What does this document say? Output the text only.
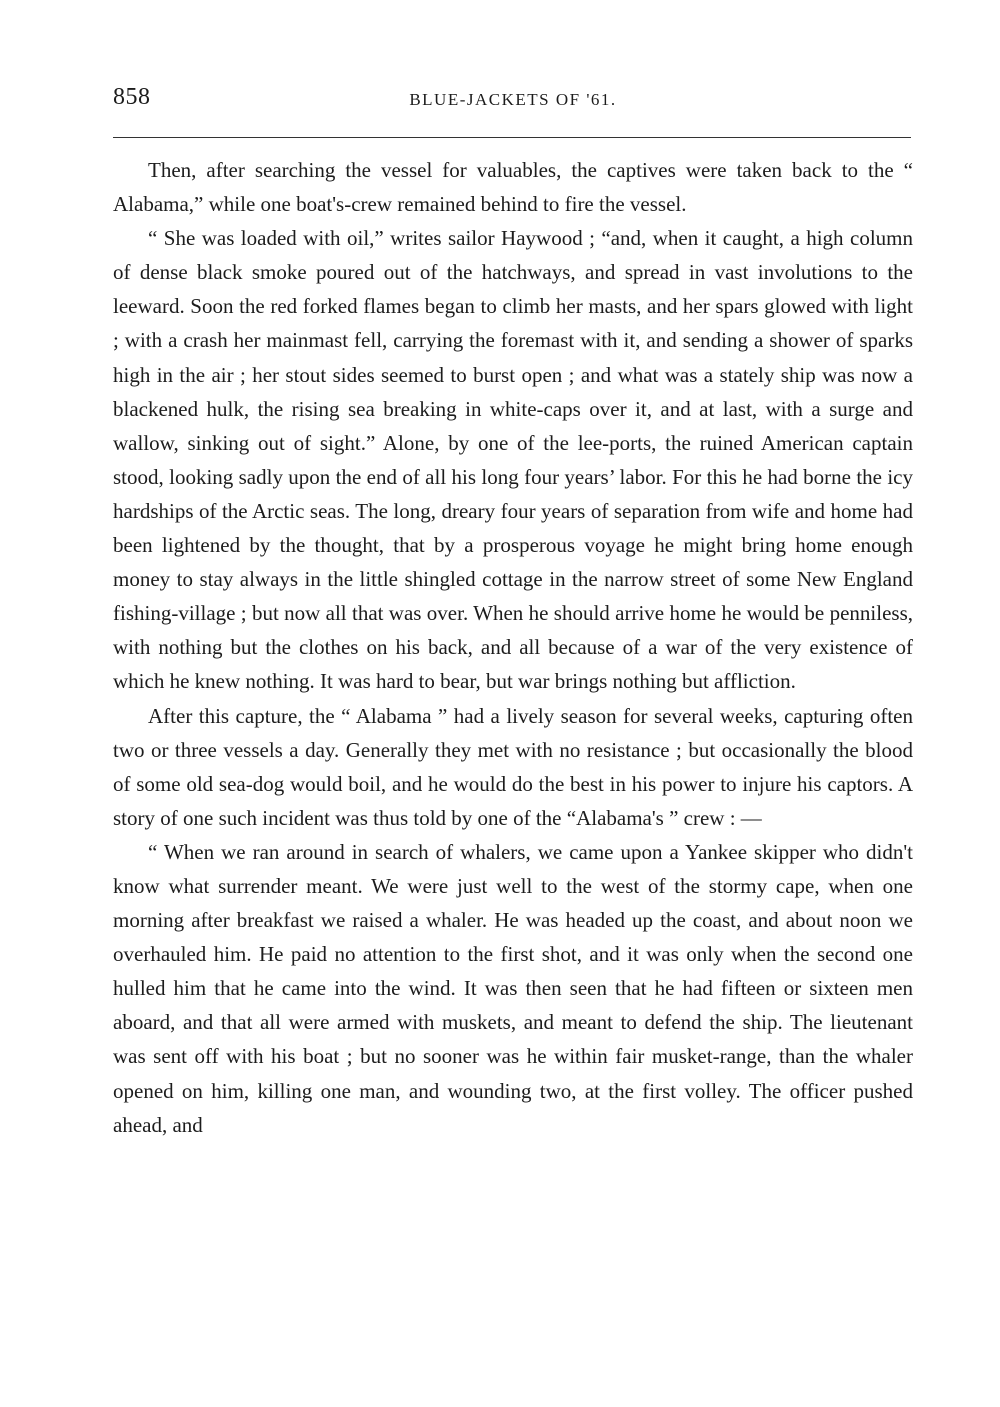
858	BLUE-JACKETS OF '61.

Then, after searching the vessel for valuables, the captives were taken back to the “ Alabama,” while one boat's-crew remained behind to fire the vessel.

“ She was loaded with oil,” writes sailor Haywood ; “and, when it caught, a high column of dense black smoke poured out of the hatchways, and spread in vast involutions to the leeward. Soon the red forked flames began to climb her masts, and her spars glowed with light ; with a crash her mainmast fell, carrying the foremast with it, and sending a shower of sparks high in the air ; her stout sides seemed to burst open ; and what was a stately ship was now a blackened hulk, the rising sea breaking in white-caps over it, and at last, with a surge and wallow, sinking out of sight.” Alone, by one of the lee-ports, the ruined American captain stood, looking sadly upon the end of all his long four years’ labor. For this he had borne the icy hardships of the Arctic seas. The long, dreary four years of separation from wife and home had been lightened by the thought, that by a prosperous voyage he might bring home enough money to stay always in the little shingled cottage in the narrow street of some New England fishing-village ; but now all that was over. When he should arrive home he would be penniless, with nothing but the clothes on his back, and all because of a war of the very existence of which he knew nothing. It was hard to bear, but war brings nothing but affliction.

After this capture, the “ Alabama ” had a lively season for several weeks, capturing often two or three vessels a day. Generally they met with no resistance ; but occasionally the blood of some old sea-dog would boil, and he would do the best in his power to injure his captors. A story of one such incident was thus told by one of the “Alabama's ” crew : —

“ When we ran around in search of whalers, we came upon a Yankee skipper who didn't know what surrender meant. We were just well to the west of the stormy cape, when one morning after breakfast we raised a whaler. He was headed up the coast, and about noon we overhauled him. He paid no attention to the first shot, and it was only when the second one hulled him that he came into the wind. It was then seen that he had fifteen or sixteen men aboard, and that all were armed with muskets, and meant to defend the ship. The lieutenant was sent off with his boat ; but no sooner was he within fair musket-range, than the whaler opened on him, killing one man, and wounding two, at the first volley. The officer pushed ahead, and
